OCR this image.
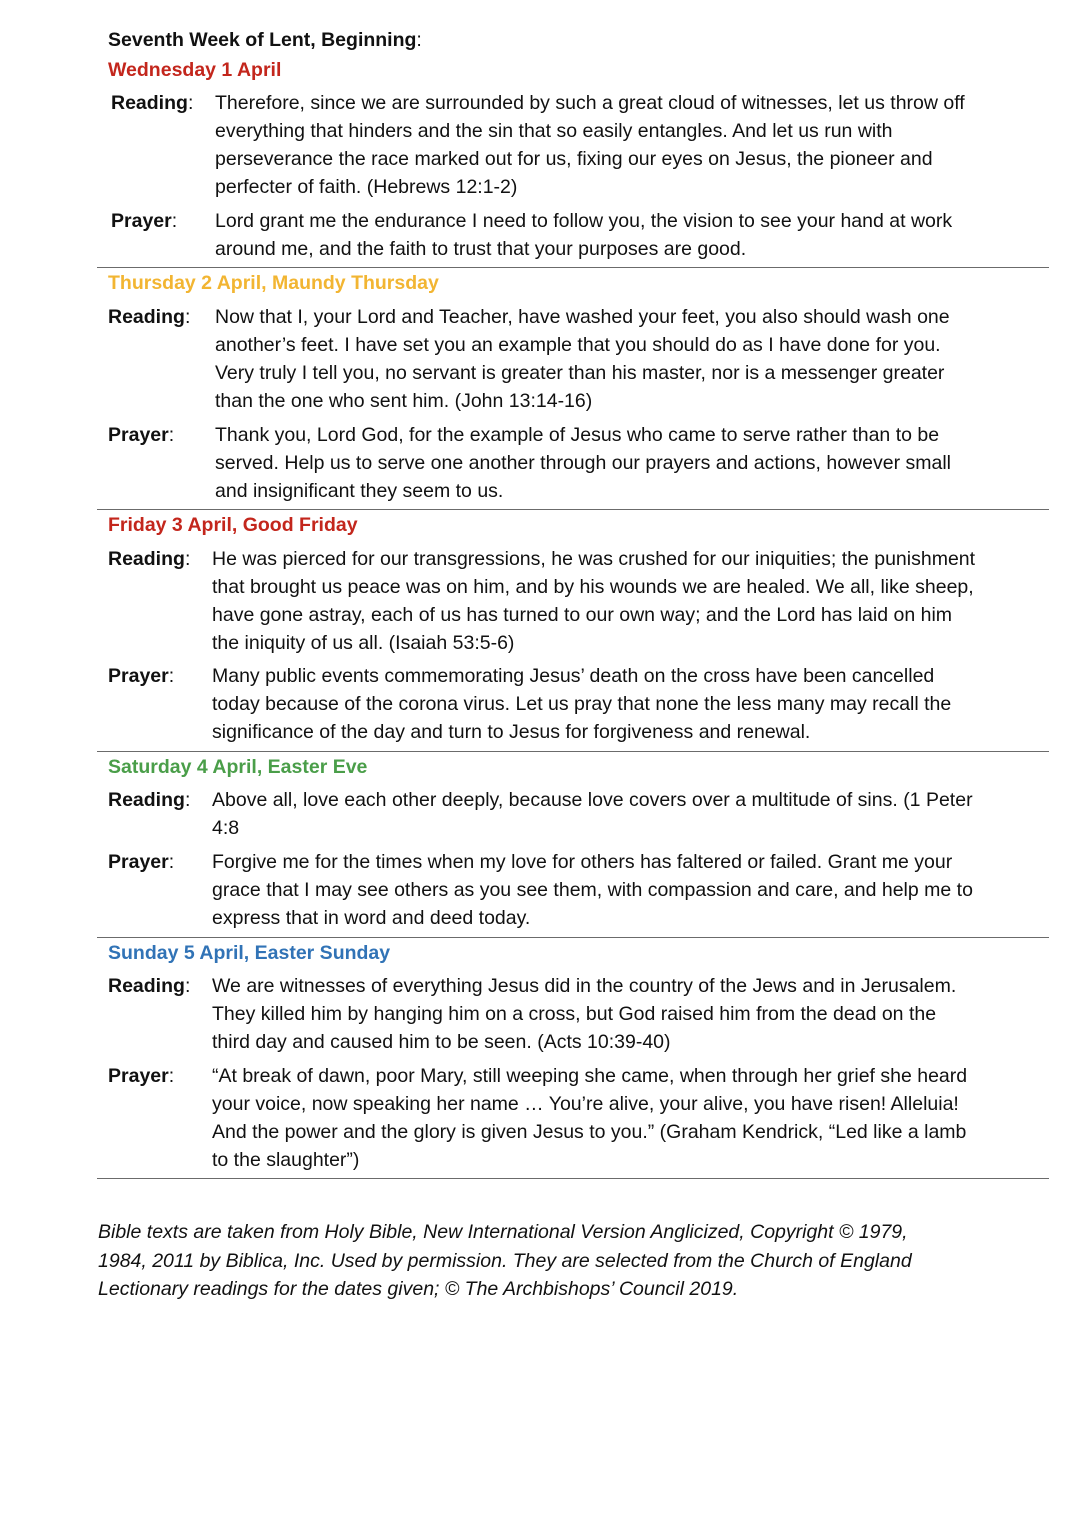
Seventh Week of Lent, Beginning:
Wednesday 1 April
Reading: Therefore, since we are surrounded by such a great cloud of witnesses, let us throw off
everything that hinders and the sin that so easily entangles. And let us run with
perseverance the race marked out for us, fixing our eyes on Jesus, the pioneer and
perfecter of faith. (Hebrews 12:1-2)
Prayer: Lord grant me the endurance I need to follow you, the vision to see your hand at work
around me, and the faith to trust that your purposes are good.
Thursday 2 April, Maundy Thursday
Reading: Now that I, your Lord and Teacher, have washed your feet, you also should wash one
another’s feet. I have set you an example that you should do as I have done for you.
Very truly I tell you, no servant is greater than his master, nor is a messenger greater
than the one who sent him. (John 13:14-16)
Prayer: Thank you, Lord God, for the example of Jesus who came to serve rather than to be
served. Help us to serve one another through our prayers and actions, however small
and insignificant they seem to us.
Friday 3 April, Good Friday
Reading: He was pierced for our transgressions, he was crushed for our iniquities; the punishment
that brought us peace was on him, and by his wounds we are healed. We all, like sheep,
have gone astray, each of us has turned to our own way; and the Lord has laid on him
the iniquity of us all. (Isaiah 53:5-6)
Prayer: Many public events commemorating Jesus’ death on the cross have been cancelled
today because of the corona virus. Let us pray that none the less many may recall the
significance of the day and turn to Jesus for forgiveness and renewal.
Saturday 4 April, Easter Eve
Reading: Above all, love each other deeply, because love covers over a multitude of sins. (1 Peter
4:8
Prayer: Forgive me for the times when my love for others has faltered or failed. Grant me your
grace that I may see others as you see them, with compassion and care, and help me to
express that in word and deed today.
Sunday 5 April, Easter Sunday
Reading: We are witnesses of everything Jesus did in the country of the Jews and in Jerusalem.
They killed him by hanging him on a cross, but God raised him from the dead on the
third day and caused him to be seen. (Acts 10:39-40)
Prayer: “At break of dawn, poor Mary, still weeping she came, when through her grief she heard
your voice, now speaking her name … You’re alive, your alive, you have risen! Alleluia!
And the power and the glory is given Jesus to you.” (Graham Kendrick, “Led like a lamb
to the slaughter”)
Bible texts are taken from Holy Bible, New International Version Anglicized, Copyright © 1979,
1984, 2011 by Biblica, Inc. Used by permission. They are selected from the Church of England
Lectionary readings for the dates given; © The Archbishops’ Council 2019.
